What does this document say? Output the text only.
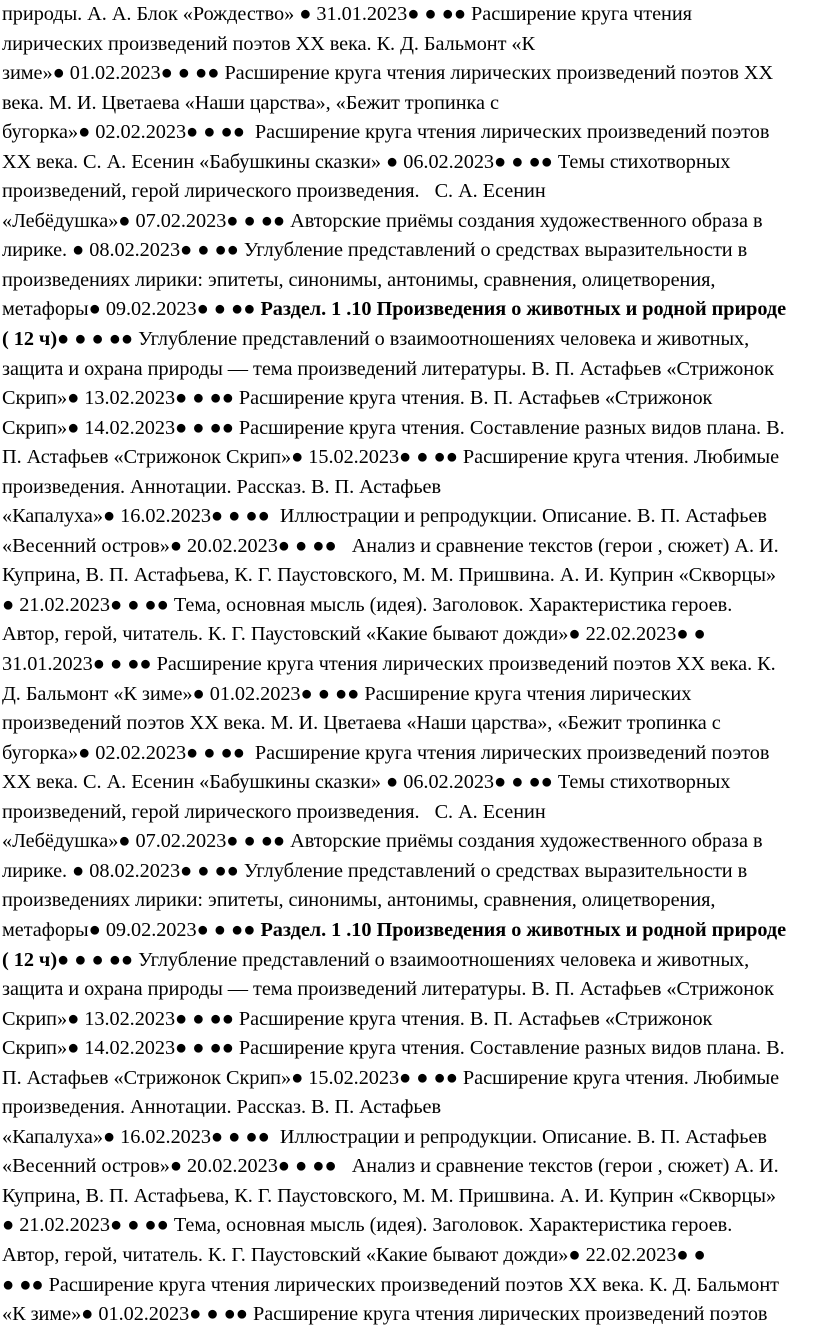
природы. А. А. Блок «Рождество» ● 31.01.2023● ● ●● Расширение круга чтения
лирических произведений поэтов XX века. К. Д. Бальмонт «К
зиме»● 01.02.2023● ● ●● Расширение круга чтения лирических произведений поэтов XX
века. М. И. Цветаева «Наши царства», «Бежит тропинка с
бугорка»● 02.02.2023● ● ●●  Расширение круга чтения лирических произведений поэтов
XX века. С. А. Есенин «Бабушкины сказки» ● 06.02.2023● ● ●● Темы стихотворных
произведений, герой лирического произведения.   С. А. Есенин
«Лебёдушка»● 07.02.2023● ● ●● Авторские приёмы создания художественного образа в
лирике. ● 08.02.2023● ● ●● Углубление представлений о средствах выразительности в
произведениях лирики: эпитеты, синонимы, антонимы, сравнения, олицетворения,
метафоры● 09.02.2023● ● ●● Раздел. 1 .10 Произведения о животных и родной природе
( 12 ч)● ● ● ●● Углубление представлений о взаимоотношениях человека и животных,
защита и охрана природы — тема произведений литературы. В. П. Астафьев «Стрижонок
Скрип»● 13.02.2023● ● ●● Расширение круга чтения. В. П. Астафьев «Стрижонок
Скрип»● 14.02.2023● ● ●● Расширение круга чтения. Составление разных видов плана. В.
П. Астафьев «Стрижонок Скрип»● 15.02.2023● ● ●● Расширение круга чтения. Любимые
произведения. Аннотации. Рассказ. В. П. Астафьев
«Капалуха»● 16.02.2023● ● ●●  Иллюстрации и репродукции. Описание. В. П. Астафьев
«Весенний остров»● 20.02.2023● ● ●●   Анализ и сравнение текстов (герои , сюжет) А. И.
Куприна, В. П. Астафьева, К. Г. Паустовского, М. М. Пришвина. А. И. Куприн «Скворцы»
● 21.02.2023● ● ●● Тема, основная мысль (идея). Заголовок. Характеристика героев.
Автор, герой, читатель. К. Г. Паустовский «Какие бывают дожди»● 22.02.2023● ●
31.01.2023● ● ●● Расширение круга чтения лирических произведений поэтов XX века. К.
Д. Бальмонт «К зиме»● 01.02.2023● ● ●● Расширение круга чтения лирических
произведений поэтов XX века. М. И. Цветаева «Наши царства», «Бежит тропинка с
бугорка»● 02.02.2023● ● ●●  Расширение круга чтения лирических произведений поэтов
XX века. С. А. Есенин «Бабушкины сказки» ● 06.02.2023● ● ●● Темы стихотворных
произведений, герой лирического произведения.   С. А. Есенин
«Лебёдушка»● 07.02.2023● ● ●● Авторские приёмы создания художественного образа в
лирике. ● 08.02.2023● ● ●● Углубление представлений о средствах выразительности в
произведениях лирики: эпитеты, синонимы, антонимы, сравнения, олицетворения,
метафоры● 09.02.2023● ● ●● Раздел. 1 .10 Произведения о животных и родной природе
( 12 ч)● ● ● ●● Углубление представлений о взаимоотношениях человека и животных,
защита и охрана природы — тема произведений литературы. В. П. Астафьев «Стрижонок
Скрип»● 13.02.2023● ● ●● Расширение круга чтения. В. П. Астафьев «Стрижонок
Скрип»● 14.02.2023● ● ●● Расширение круга чтения. Составление разных видов плана. В.
П. Астафьев «Стрижонок Скрип»● 15.02.2023● ● ●● Расширение круга чтения. Любимые
произведения. Аннотации. Рассказ. В. П. Астафьев
«Капалуха»● 16.02.2023● ● ●●  Иллюстрации и репродукции. Описание. В. П. Астафьев
«Весенний остров»● 20.02.2023● ● ●●   Анализ и сравнение текстов (герои , сюжет) А. И.
Куприна, В. П. Астафьева, К. Г. Паустовского, М. М. Пришвина. А. И. Куприн «Скворцы»
● 21.02.2023● ● ●● Тема, основная мысль (идея). Заголовок. Характеристика героев.
Автор, герой, читатель. К. Г. Паустовский «Какие бывают дожди»● 22.02.2023● ●
● ●● Расширение круга чтения лирических произведений поэтов XX века. К. Д. Бальмонт
«К зиме»● 01.02.2023● ● ●● Расширение круга чтения лирических произведений поэтов
